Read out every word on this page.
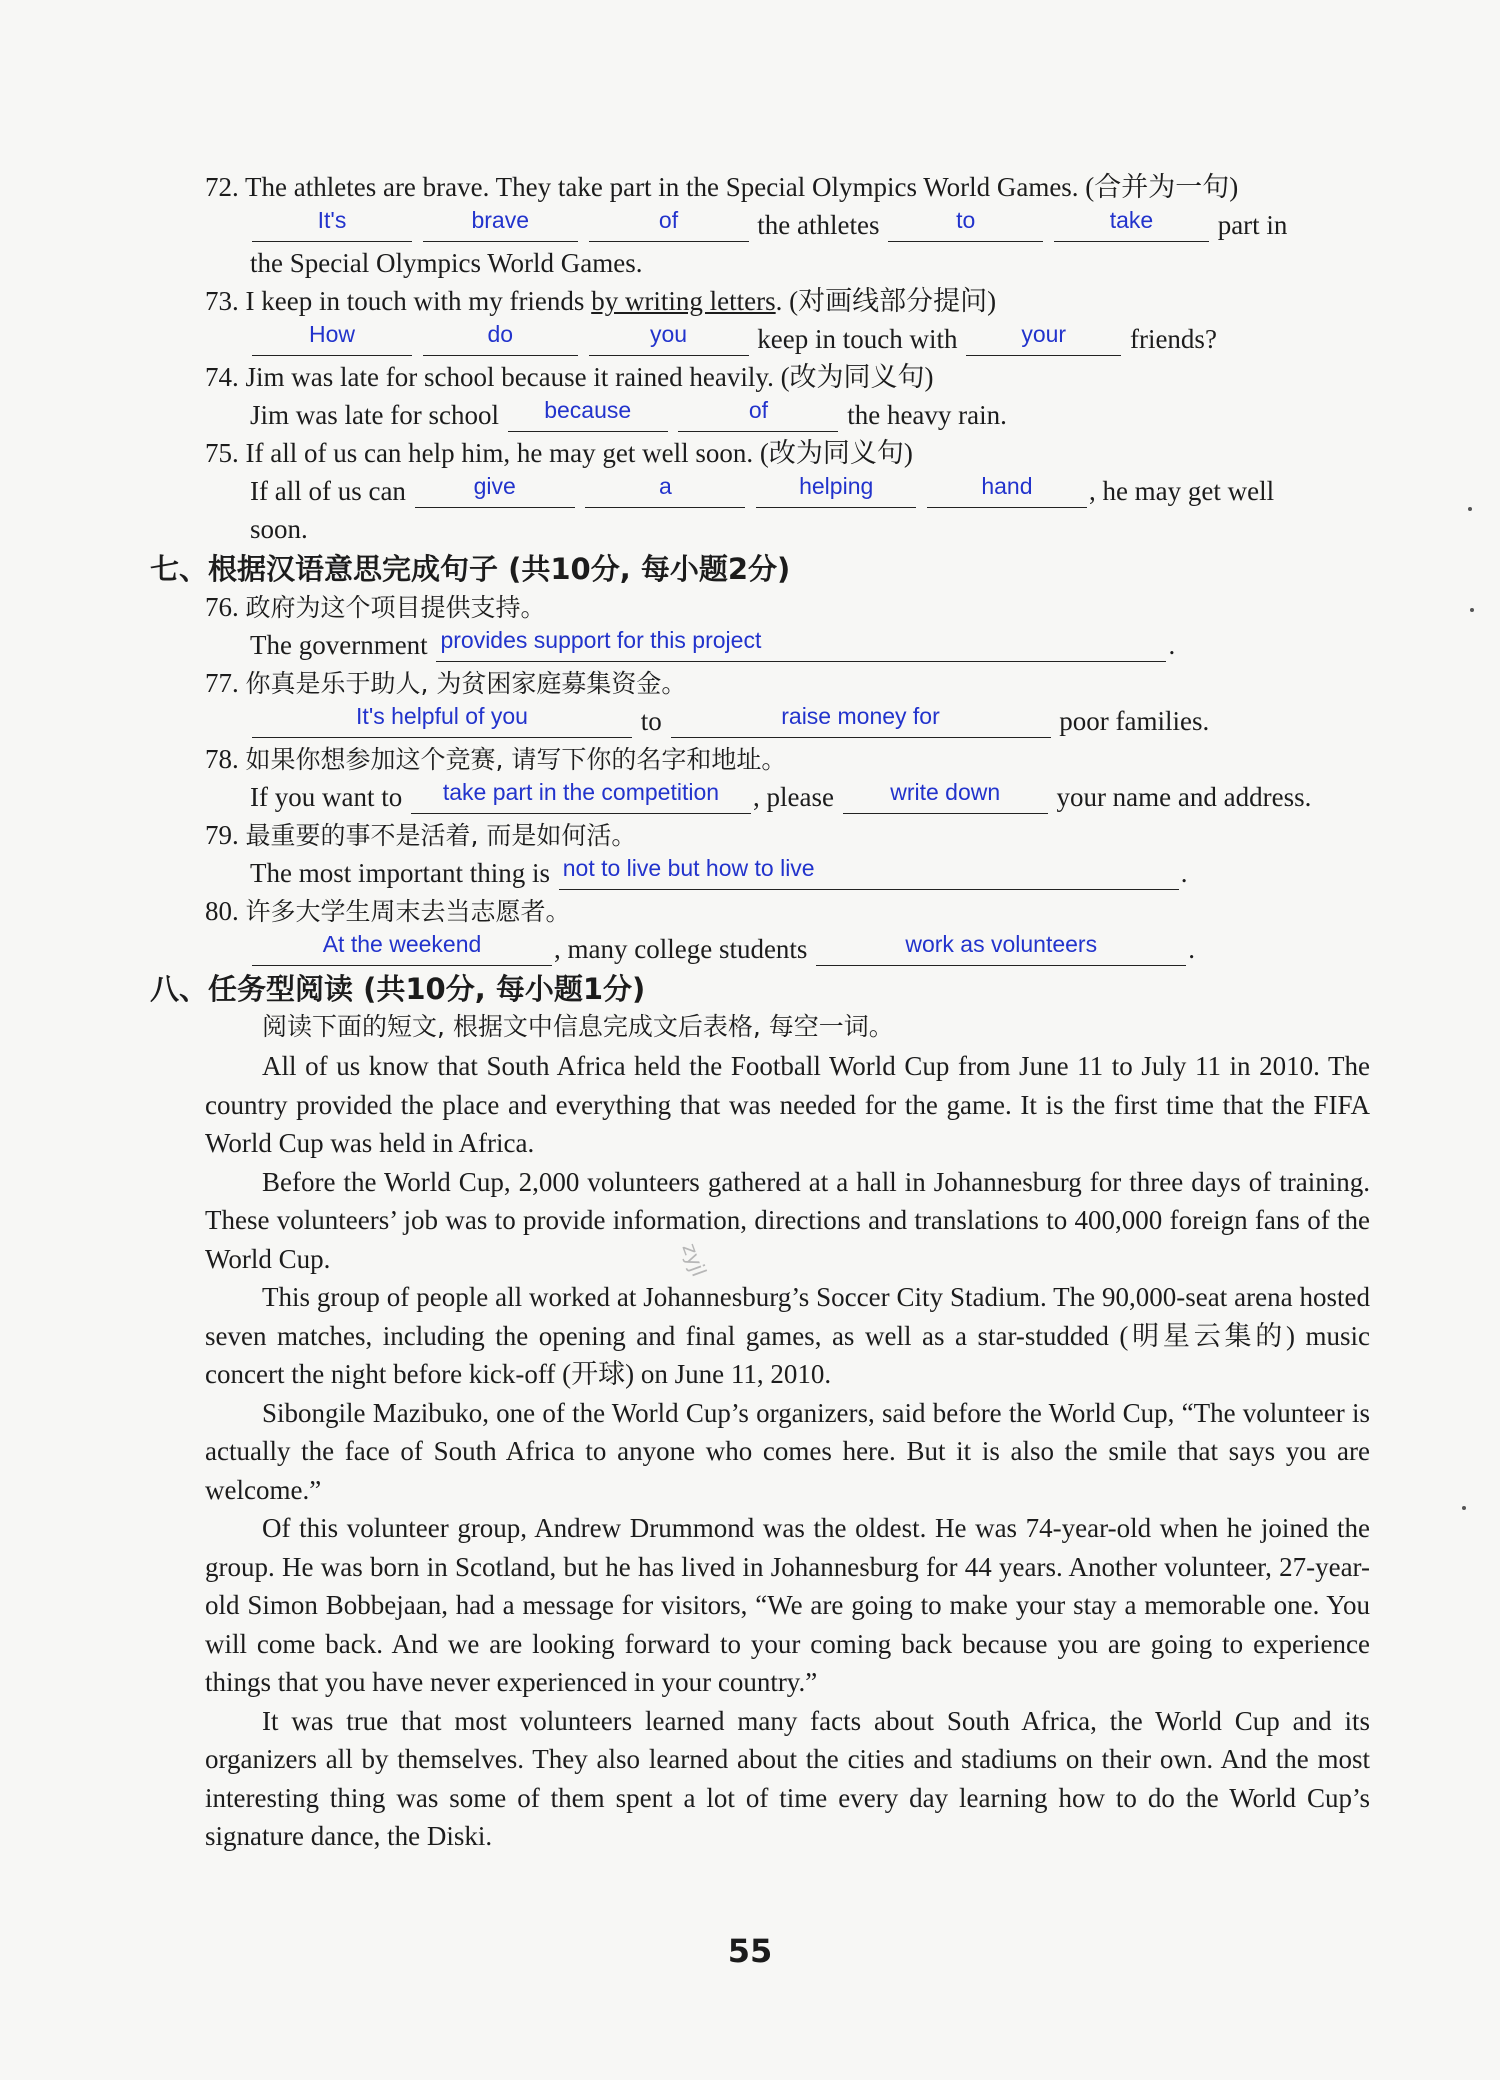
72. The athletes are brave. They take part in the Special Olympics World Games. (合并为一句)
It's	brave	of	the athletes	to	take part in
the Special Olympics World Games.
73. I keep in touch with my friends by writing letters. (对画线部分提问)
How	do	you	keep in touch with	your friends?
74. Jim was late for school because it rained heavily. (改为同义句)
Jim was late for school because	of	the heavy rain.
75. If all of us can help him, he may get well soon. (改为同义句)
If all of us can	give	a	helping	hand , he may get well
soon.
七、根据汉语意思完成句子 (共10分, 每小题2分)
76. 政府为这个项目提供支持。
The government provides support for this project	.
77. 你真是乐于助人, 为贫困家庭募集资金。
It's helpful of you	to	raise money for	poor families.
78. 如果你想参加这个竞赛, 请写下你的名字和地址。
If you want to take part in the competition , please write down your name and address.
79. 最重要的事不是活着, 而是如何活。
The most important thing is not to live but how to live	.
80. 许多大学生周末去当志愿者。
At the weekend	, many college students	work as volunteers	.
八、任务型阅读 (共10分, 每小题1分)
阅读下面的短文, 根据文中信息完成文后表格, 每空一词。

All of us know that South Africa held the Football World Cup from June 11 to July 11 in 2010. The country provided the place and everything that was needed for the game. It is the first time that the FIFA World Cup was held in Africa.

Before the World Cup, 2,000 volunteers gathered at a hall in Johannesburg for three days of training. These volunteers’ job was to provide information, directions and translations to 400,000 foreign fans of the World Cup.

This group of people all worked at Johannesburg’s Soccer City Stadium. The 90,000-seat arena hosted seven matches, including the opening and final games, as well as a star-studded (明星云集的) music concert the night before kick-off (开球) on June 11, 2010.

Sibongile Mazibuko, one of the World Cup’s organizers, said before the World Cup, “The volunteer is actually the face of South Africa to anyone who comes here. But it is also the smile that says you are welcome.”

Of this volunteer group, Andrew Drummond was the oldest. He was 74-year-old when he joined the group. He was born in Scotland, but he has lived in Johannesburg for 44 years. Another volunteer, 27-year-old Simon Bobbejaan, had a message for visitors, “We are going to make your stay a memorable one. You will come back. And we are looking forward to your coming back because you are going to experience things that you have never experienced in your country.”

It was true that most volunteers learned many facts about South Africa, the World Cup and its organizers all by themselves. They also learned about the cities and stadiums on their own. And the most interesting thing was some of them spent a lot of time every day learning how to do the World Cup’s signature dance, the Diski.

zyjl
55
